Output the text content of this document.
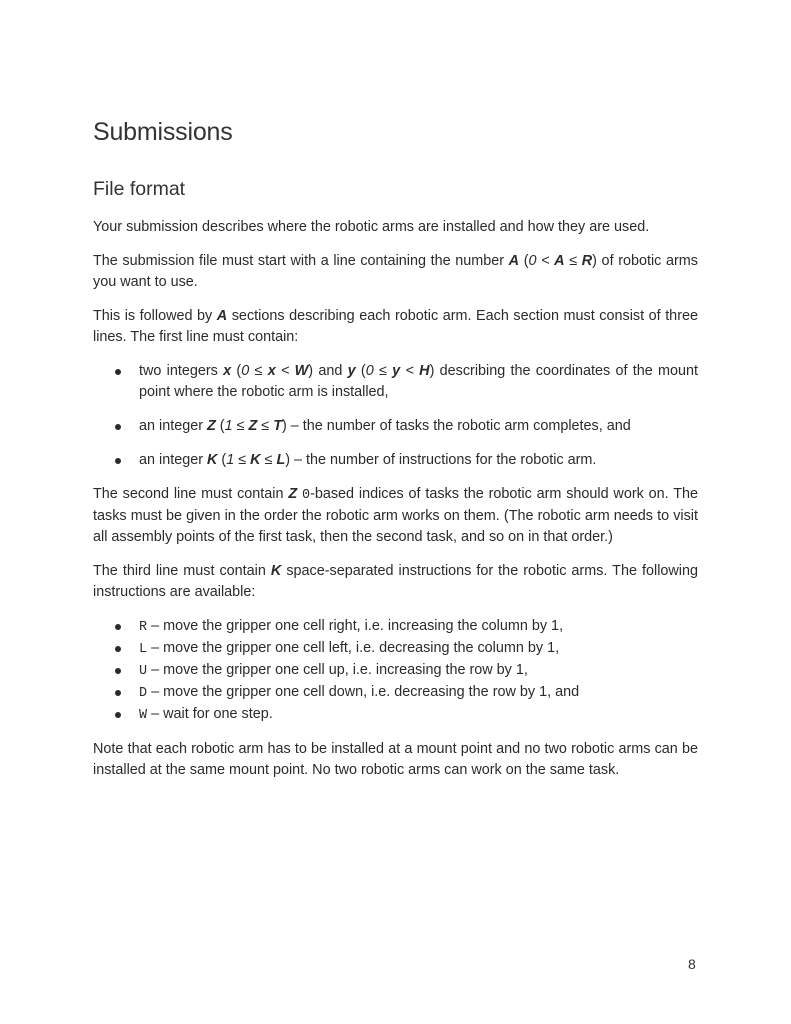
Submissions
File format

Your submission describes where the robotic arms are installed and how they are used.

The submission file must start with a line containing the number A (0 < A ≤ R) of robotic arms you want to use.

This is followed by A sections describing each robotic arm. Each section must consist of three lines. The first line must contain:

two integers x (0 ≤ x < W) and y (0 ≤ y < H) describing the coordinates of the mount point where the robotic arm is installed,
an integer Z (1 ≤ Z ≤ T) – the number of tasks the robotic arm completes, and
an integer K (1 ≤ K ≤ L) – the number of instructions for the robotic arm.

The second line must contain Z 0-based indices of tasks the robotic arm should work on. The tasks must be given in the order the robotic arm works on them. (The robotic arm needs to visit all assembly points of the first task, then the second task, and so on in that order.)

The third line must contain K space-separated instructions for the robotic arms. The following instructions are available:

R – move the gripper one cell right, i.e. increasing the column by 1,
L – move the gripper one cell left, i.e. decreasing the column by 1,
U – move the gripper one cell up, i.e. increasing the row by 1,
D – move the gripper one cell down, i.e. decreasing the row by 1, and
W – wait for one step.

Note that each robotic arm has to be installed at a mount point and no two robotic arms can be installed at the same mount point. No two robotic arms can work on the same task.

8
